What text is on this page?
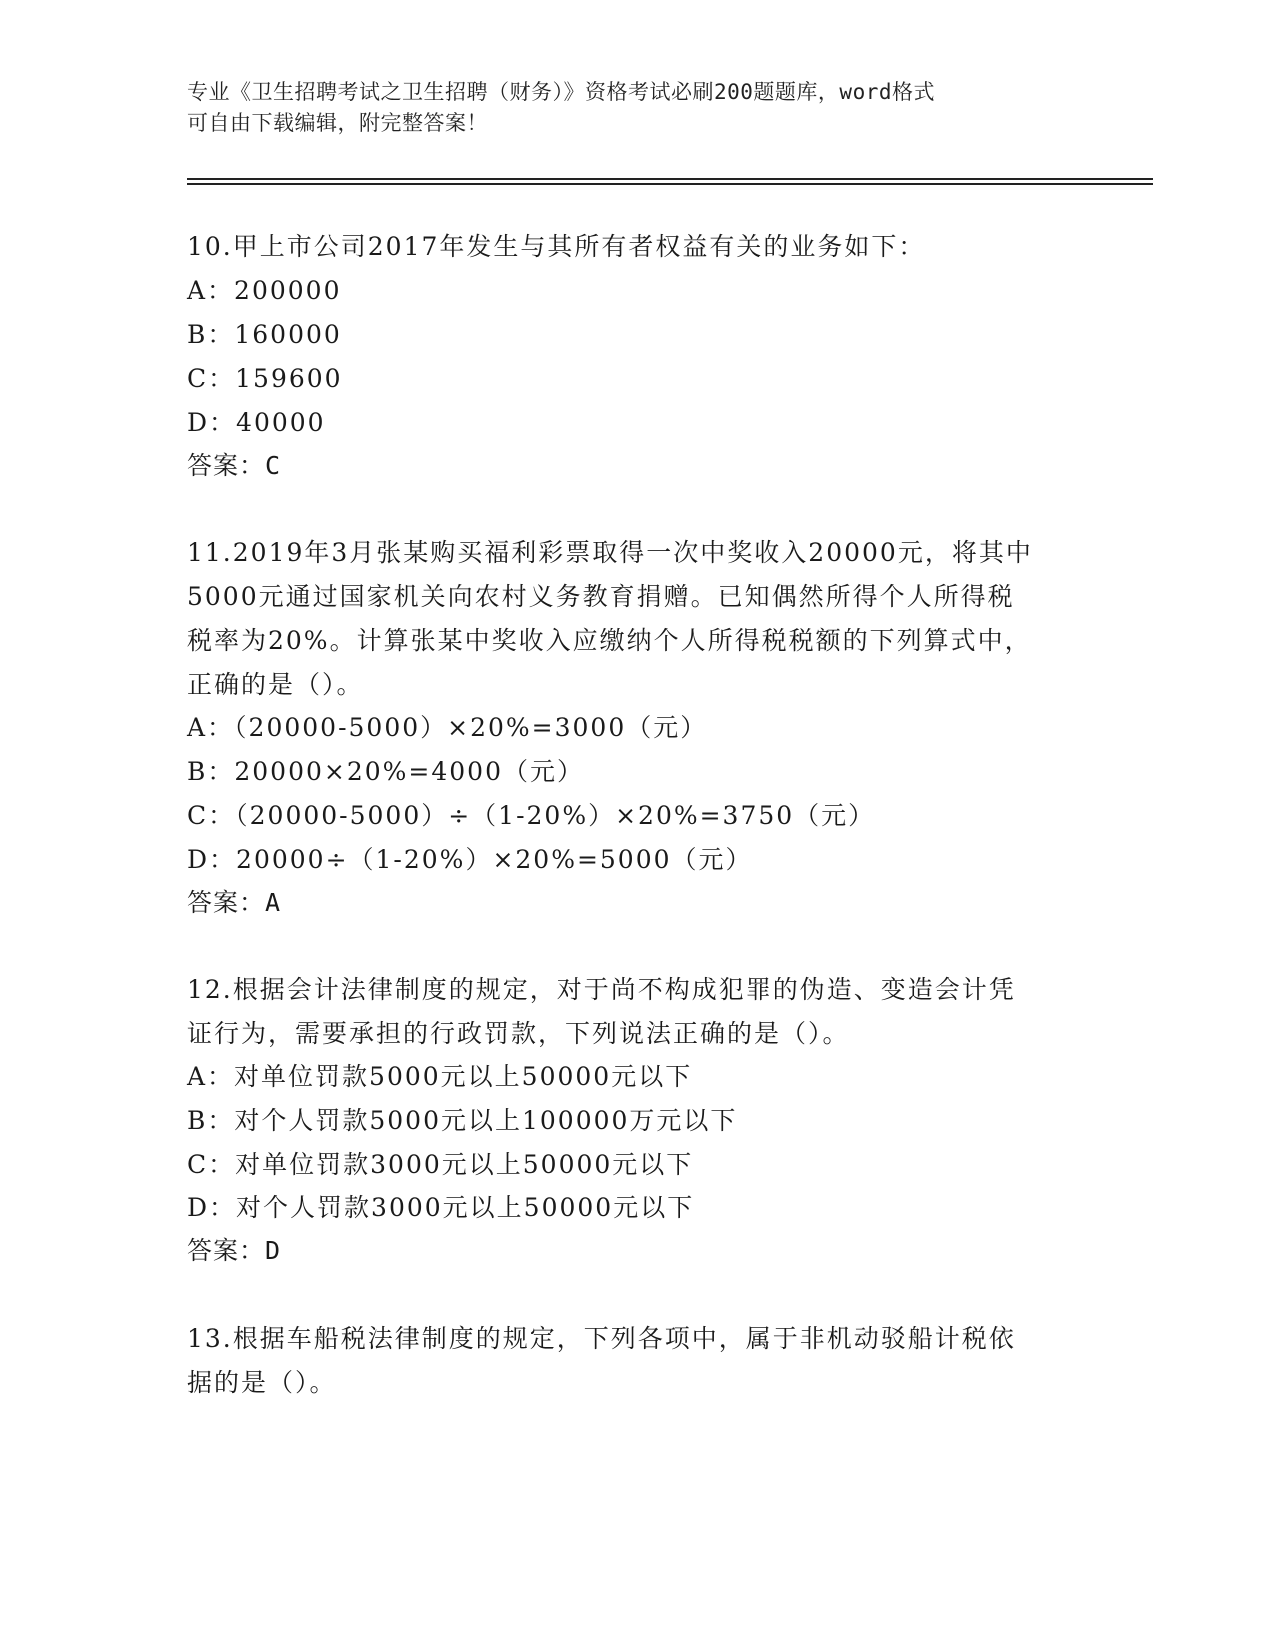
专业《卫生招聘考试之卫生招聘（财务）》资格考试必刷200题题库，word格式
可自由下载编辑，附完整答案！
10.甲上市公司2017年发生与其所有者权益有关的业务如下：
A：200000
B：160000
C：159600
D：40000
答案：C
11.2019年3月张某购买福利彩票取得一次中奖收入20000元，将其中
5000元通过国家机关向农村义务教育捐赠。已知偶然所得个人所得税
税率为20%。计算张某中奖收入应缴纳个人所得税税额的下列算式中，
正确的是（）。
A：（20000-5000）×20%=3000（元）
B：20000×20%=4000（元）
C：（20000-5000）÷（1-20%）×20%=3750（元）
D：20000÷（1-20%）×20%=5000（元）
答案：A
12.根据会计法律制度的规定，对于尚不构成犯罪的伪造、变造会计凭
证行为，需要承担的行政罚款，下列说法正确的是（）。
A：对单位罚款5000元以上50000元以下
B：对个人罚款5000元以上100000万元以下
C：对单位罚款3000元以上50000元以下
D：对个人罚款3000元以上50000元以下
答案：D
13.根据车船税法律制度的规定，下列各项中，属于非机动驳船计税依
据的是（）。
